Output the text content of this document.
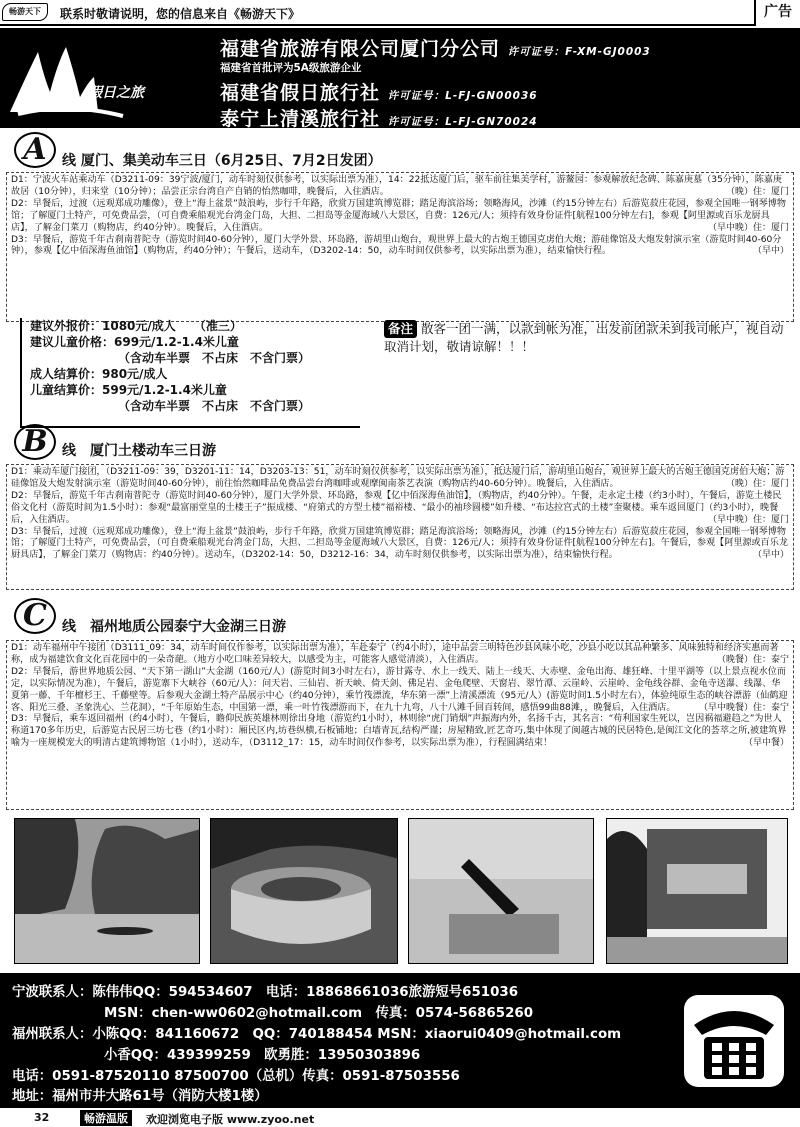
畅游天下	联系时敬请说明，您的信息来自《畅游天下》	广告
假日之旅
福建省旅游有限公司厦门分公司 许可证号：F-XM-GJ0003
福建省首批评为5A级旅游企业
福建省假日旅行社 许可证号：L-FJ-GN00036
泰宁上清溪旅行社 许可证号：L-FJ-GN70024
A	线 厦门、集美动车三日（6月25日、7月2日发团）

D1：宁波火车站乘动车（D3211-09：39宁波/厦门，动车时刻仅供参考，以实际出票为准），14：22抵达厦门后，驱车前往集美学村，游鳌园：参观解放纪念碑、陈嘉庚墓（35分钟），陈嘉庚故居（10分钟），归来堂（10分钟）；品尝正宗台湾自产自销的怡然咖啡，晚餐后，入住酒店。	（晚）住：厦门

D2：早餐后，过渡（远观郑成功雕像），登上“海上盆景”鼓浪屿，步行千年路，欣赏万国建筑博览群；踏足海滨浴场；领略海风，沙滩（约15分钟左右）后游览菽庄花园，参观全国唯一钢琴博物馆；了解厦门土特产，可免费品尝，（可自费乘船观光台湾金门岛，大担、二担岛等金厦海域八大景区，自费：126元/人；须持有效身份证件[航程100分钟左右]，参观【阿里源或百乐龙厨具店】，了解金门菜刀（购物店，约40分钟）。晚餐后，入住酒店。	（早中晚）住：厦门

D3：早餐后，游览千年古刹南普陀寺（游览时间40-60分钟），厦门大学外景、环岛路，游胡里山炮台，观世界上最大的古炮王德国克虏伯大炮；游硅像馆及大炮发射演示室（游览时间40-60分钟），参观【亿中佰深海鱼油馆】（购物店，约40分钟）；午餐后，送动车，（D3202-14：50，动车时间仅供参考，以实际出票为准），结束愉快行程。	（早中）

建议外报价：1080元/成人　　 （准三）
建议儿童价格：699元/1.2-1.4米儿童
（含动车半票　不占床　不含门票）
成人结算价：980元/成人
儿童结算价：599元/1.2-1.4米儿童
（含动车半票　不占床　不含门票）
备注 散客一团一满，以款到帐为准，出发前团款未到我司帐户，视自动取消计划，敬请谅解！！！
B	线　厦门土楼动车三日游

D1：乘动车厦门接团，（D3211-09：39，D3201-11：14，D3203-13：51，动车时刻仅供参考，以实际出票为准），抵达厦门后，游胡里山炮台，观世界上最大的古炮王德国克虏伯大炮；游硅像馆及大炮发射演示室（游览时间40-60分钟），前往怡然咖啡品免费品尝台湾咖啡或观摩闽南茶艺表演（购物店约40-60分钟）。晚餐后，入住酒店。	（晚）住：厦门

D2：早餐后，游览千年古刹南普陀寺（游览时间40-60分钟），厦门大学外景、环岛路，参观【亿中佰深海鱼油馆】，（购物店，约40分钟）。午餐，走永定土楼（约3小时），午餐后，游览土楼民俗文化村（游览时间为1.5小时）：参观“最富丽堂皇的土楼王子”振成楼、“府第式的方型土楼”福裕楼、“最小的袖珍圆楼”如升楼、“布达拉宫式的土楼”奎聚楼。乘车返回厦门（约3小时），晚餐后，入住酒店。	（早中晚）住：厦门

D3：早餐后，过渡（远观郑成功雕像），登上“海上盆景”鼓浪屿，步行千年路，欣赏万国建筑博览群；踏足海滨浴场；领略海风，沙滩（约15分钟左右）后游览菽庄花园，参观全国唯一钢琴博物馆；了解厦门土特产，可免费品尝，（可自费乘船观光台湾金门岛，大担、二担岛等金厦海域八大景区，自费：126元/人；须持有效身份证件[航程100分钟左右]。午餐后，参观【阿里源或百乐龙厨具店】，了解金门菜刀（购物店：约40分钟）。送动车，（D3202-14：50，D3212-16：34，动车时刻仅供参考，以实际出票为准），结束愉快行程。	（早中）

C	线　福州地质公园泰宁大金湖三日游

D1：动车福州中午接团（D3111_09：34，动车时间仅作参考，以实际出票为准），车赴泰宁（约4小时），途中品尝三明特色沙县风味小吃，沙县小吃以其品种繁多、风味独特和经济实惠而著称，成为福建饮食文化百花园中的一朵奇葩。（地方小吃口味差异较大，以感受为主，可能客人感觉清淡），入住酒店。	（晚餐）住：泰宁

D2：早餐后，游世界地质公园、“天下第一湖山”大金湖（160元/人）(游览时间3小时左右），游甘露寺、水上一线天、陆上一线天、大赤壁、金龟出海、雄狂峰、十里平湖等（以上景点视水位而定，以实际情况为准），午餐后，游览寨下大峡谷（60元/人）：问天岩、三仙岩、祈天峡、倚天剑、佛足岩、金龟爬壁、天窗岩、翠竹潭、云崖岭、云崖岭、金龟线谷群、金龟寺送瀑、线瀑、华夏第一藤、千年檀杉王、千藤壁等。后参观大金湖土特产品展示中心（约40分钟），乘竹筏漂流，华东第一漂”上清溪漂流（95元/人）(游览时间1.5小时左右），体验纯原生态的峡谷漂游（仙鹤迎客、阳光三叠、圣象洗心、兰花洞），“千年原始生态，中国第一漂，乘一叶竹筏漂游而下，在九十九弯，八十八滩千回百转间，感悟99曲88滩，，晚餐后，入住酒店。	（早中晚餐）住：泰宁

D3：早餐后，乘车返回福州（约4小时），午餐后，瞻仰民族英雄林则徐出身地（游览约1小时），林则徐“虎门销烟”声振海内外，名扬千古，其名言：“苟利国家生死以，岂因祸福避趋之”为世人称道170多年历史，后游览古民居三坊七巷（约1小时）：厢民区内,坊巷纵横,石板铺地；白墙青瓦,结构严谨；房屋精致,匠艺奇巧,集中体现了闽越古城的民居特色,是闽江文化的荟萃之所,被建筑界喻为一座规模宠大的明清古建筑博物馆（1小时），送动车，（D3112_17：15，动车时间仅作参考，以实际出票为准），行程圆满结束！	（早中餐）

宁波联系人：陈伟伟QQ：594534607　电话：18868661036旅游短号651036
MSN：chen-ww0602@hotmail.com　传真：0574-56865260
福州联系人：小陈QQ：841160672　QQ：740188454 MSN：xiaorui0409@hotmail.com
小香QQ：439399259　欧勇胜：13950303896
电话：0591-87520110 87500700（总机）传真：0591-87503556
地址：福州市井大路61号（消防大楼1楼）
32	畅游温版	欢迎浏览电子版 www.zyoo.net
